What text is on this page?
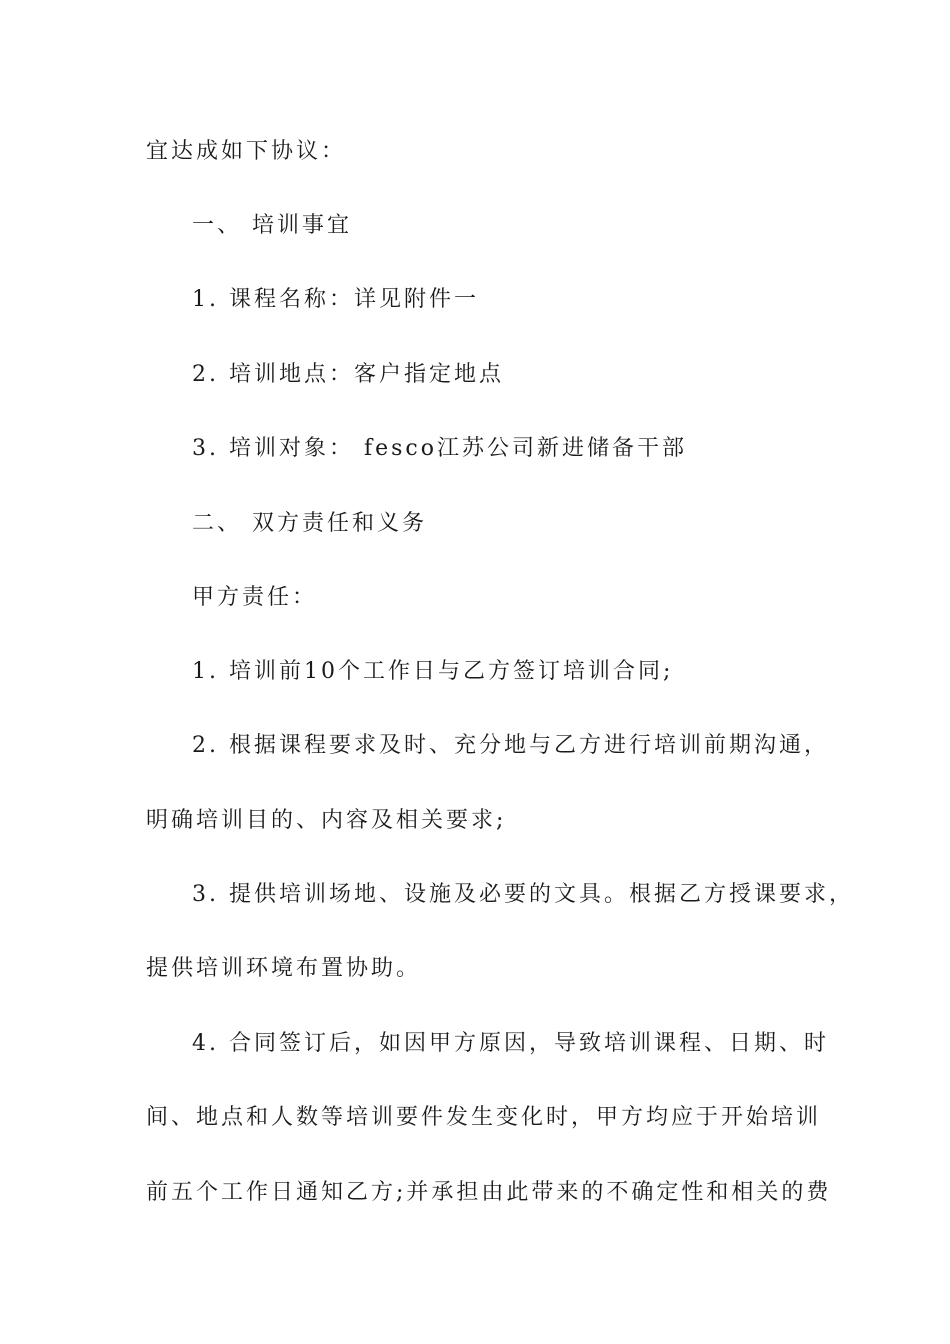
宜达成如下协议：
一、 培训事宜
1. 课程名称：详见附件一
2. 培训地点：客户指定地点
3. 培训对象： fesco江苏公司新进储备干部
二、 双方责任和义务
甲方责任：
1. 培训前10个工作日与乙方签订培训合同;
2. 根据课程要求及时、充分地与乙方进行培训前期沟通，
明确培训目的、内容及相关要求;
3. 提供培训场地、设施及必要的文具。根据乙方授课要求，
提供培训环境布置协助。
4. 合同签订后，如因甲方原因，导致培训课程、日期、时
间、地点和人数等培训要件发生变化时，甲方均应于开始培训
前五个工作日通知乙方;并承担由此带来的不确定性和相关的费
